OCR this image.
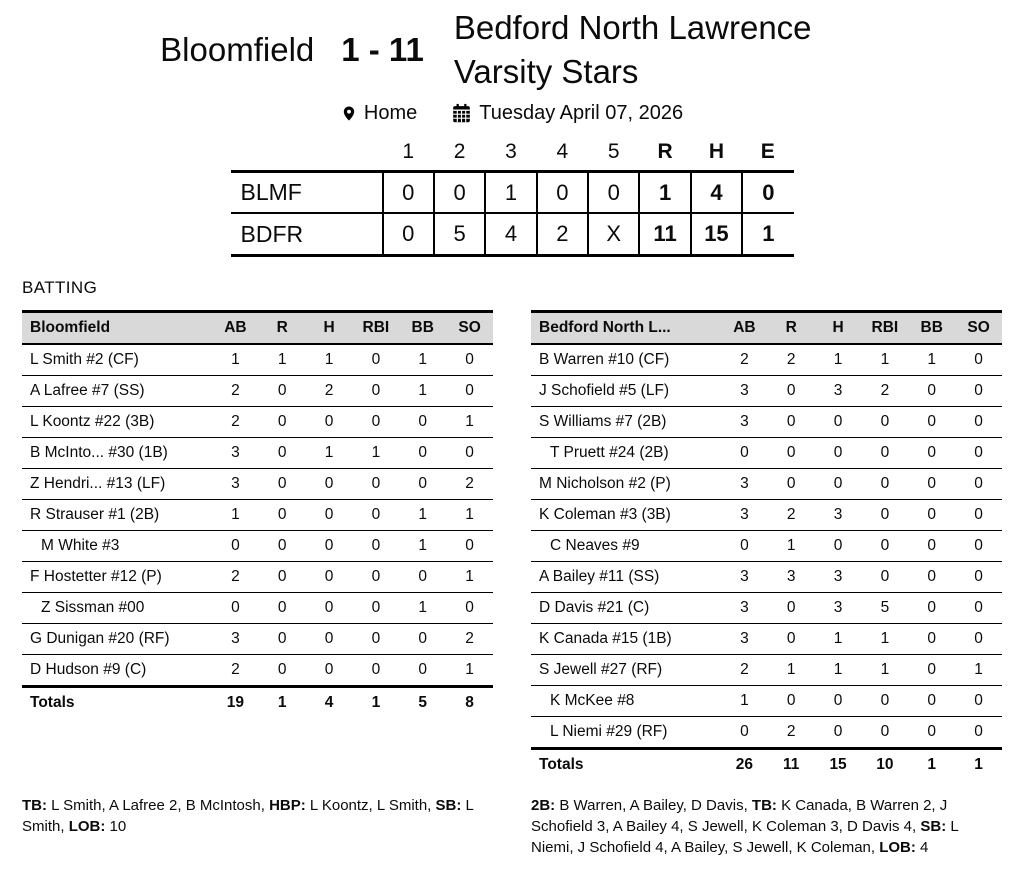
Bloomfield 1 - 11
Bedford North Lawrence Varsity Stars
Home	Tuesday April 07, 2026
	1	2	3	4	5	R	H	E
BLMF	0	0	1	0	0	1	4	0
BDFR	0	5	4	2	X	11	15	1
BATTING
Bloomfield	AB	R	H	RBI	BB	SO
L Smith #2 (CF)	1	1	1	0	1	0
A Lafree #7 (SS)	2	0	2	0	1	0
L Koontz #22 (3B)	2	0	0	0	0	1
B McInto... #30 (1B)	3	0	1	1	0	0
Z Hendri... #13 (LF)	3	0	0	0	0	2
R Strauser #1 (2B)	1	0	0	0	1	1
M White #3	0	0	0	0	1	0
F Hostetter #12 (P)	2	0	0	0	0	1
Z Sissman #00	0	0	0	0	1	0
G Dunigan #20 (RF)	3	0	0	0	0	2
D Hudson #9 (C)	2	0	0	0	0	1
Totals	19	1	4	1	5	8
Bedford North L...	AB	R	H	RBI	BB	SO
B Warren #10 (CF)	2	2	1	1	1	0
J Schofield #5 (LF)	3	0	3	2	0	0
S Williams #7 (2B)	3	0	0	0	0	0
T Pruett #24 (2B)	0	0	0	0	0	0
M Nicholson #2 (P)	3	0	0	0	0	0
K Coleman #3 (3B)	3	2	3	0	0	0
C Neaves #9	0	1	0	0	0	0
A Bailey #11 (SS)	3	3	3	0	0	0
D Davis #21 (C)	3	0	3	5	0	0
K Canada #15 (1B)	3	0	1	1	0	0
S Jewell #27 (RF)	2	1	1	1	0	1
K McKee #8	1	0	0	0	0	0
L Niemi #29 (RF)	0	2	0	0	0	0
Totals	26	11	15	10	1	1
TB: L Smith, A Lafree 2, B McIntosh, HBP: L Koontz, L Smith, SB: L Smith, LOB: 10
2B: B Warren, A Bailey, D Davis, TB: K Canada, B Warren 2, J Schofield 3, A Bailey 4, S Jewell, K Coleman 3, D Davis 4, SB: L Niemi, J Schofield 4, A Bailey, S Jewell, K Coleman, LOB: 4
